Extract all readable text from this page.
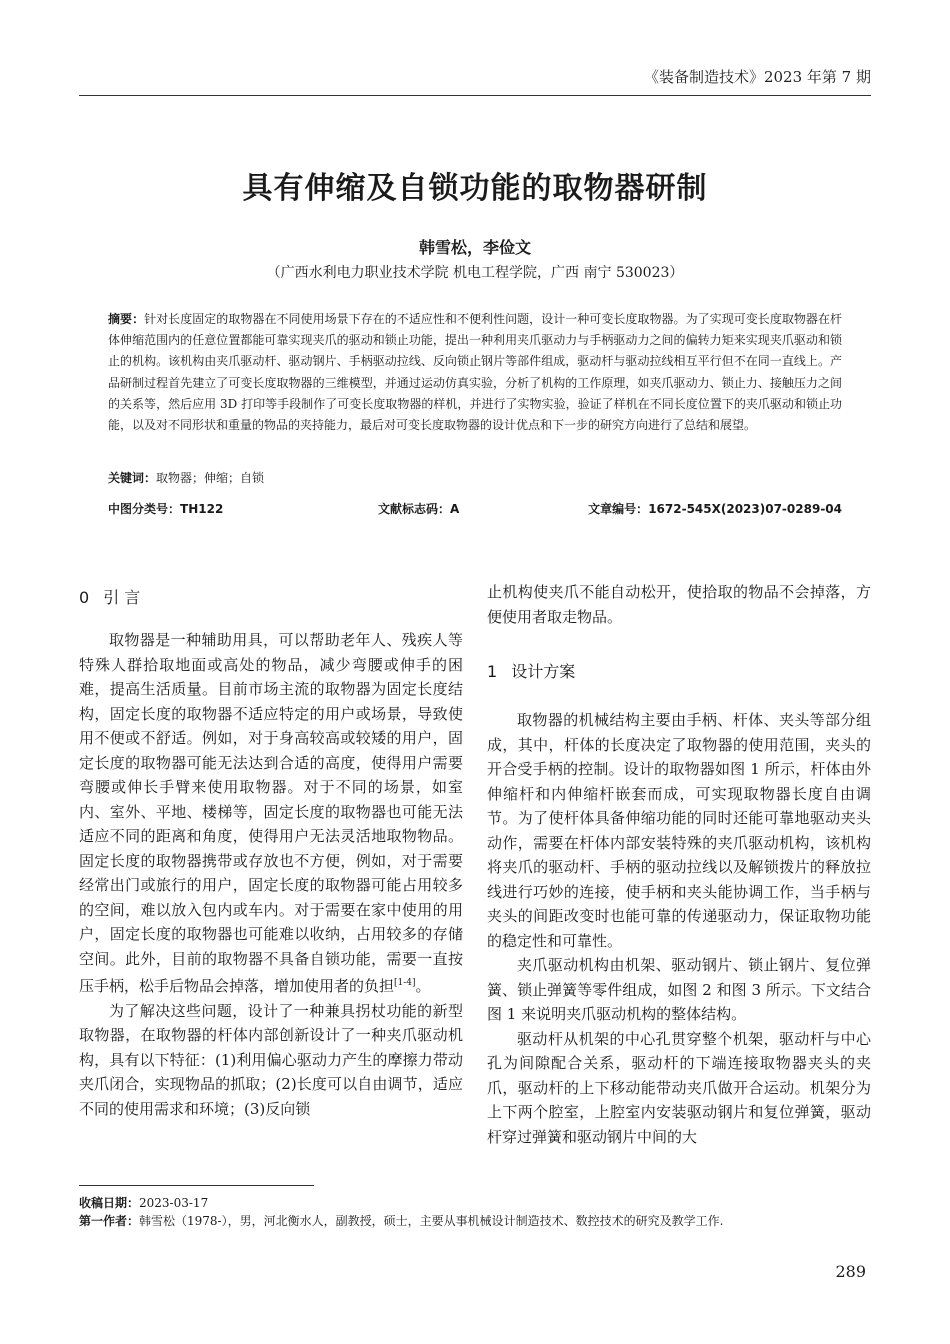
《装备制造技术》2023 年第 7 期
具有伸缩及自锁功能的取物器研制
韩雪松，李俭文
（广西水利电力职业技术学院 机电工程学院，广西 南宁 530023）
摘要：针对长度固定的取物器在不同使用场景下存在的不适应性和不便利性问题，设计一种可变长度取物器。为了实现可变长度取物器在杆体伸缩范围内的任意位置都能可靠实现夹爪的驱动和锁止功能，提出一种利用夹爪驱动力与手柄驱动力之间的偏转力矩来实现夹爪驱动和锁止的机构。该机构由夹爪驱动杆、驱动钢片、手柄驱动拉线、反向锁止钢片等部件组成，驱动杆与驱动拉线相互平行但不在同一直线上。产品研制过程首先建立了可变长度取物器的三维模型，并通过运动仿真实验，分析了机构的工作原理，如夹爪驱动力、锁止力、接触压力之间的关系等，然后应用 3D 打印等手段制作了可变长度取物器的样机，并进行了实物实验，验证了样机在不同长度位置下的夹爪驱动和锁止功能，以及对不同形状和重量的物品的夹持能力，最后对可变长度取物器的设计优点和下一步的研究方向进行了总结和展望。
关键词：取物器；伸缩；自锁
中图分类号：TH122	文献标志码：A	文章编号：1672-545X(2023)07-0289-04
0 引 言

取物器是一种辅助用具，可以帮助老年人、残疾人等特殊人群拾取地面或高处的物品，减少弯腰或伸手的困难，提高生活质量。目前市场主流的取物器为固定长度结构，固定长度的取物器不适应特定的用户或场景，导致使用不便或不舒适。例如，对于身高较高或较矮的用户，固定长度的取物器可能无法达到合适的高度，使得用户需要弯腰或伸长手臂来使用取物器。对于不同的场景，如室内、室外、平地、楼梯等，固定长度的取物器也可能无法适应不同的距离和角度，使得用户无法灵活地取物物品。固定长度的取物器携带或存放也不方便，例如，对于需要经常出门或旅行的用户，固定长度的取物器可能占用较多的空间，难以放入包内或车内。对于需要在家中使用的用户，固定长度的取物器也可能难以收纳，占用较多的存储空间。此外，目前的取物器不具备自锁功能，需要一直按压手柄，松手后物品会掉落，增加使用者的负担[1-4]。

为了解决这些问题，设计了一种兼具拐杖功能的新型取物器，在取物器的杆体内部创新设计了一种夹爪驱动机构，具有以下特征：(1)利用偏心驱动力产生的摩擦力带动夹爪闭合，实现物品的抓取；(2)长度可以自由调节，适应不同的使用需求和环境；(3)反向锁

止机构使夹爪不能自动松开，使拾取的物品不会掉落，方便使用者取走物品。

1 设计方案

取物器的机械结构主要由手柄、杆体、夹头等部分组成，其中，杆体的长度决定了取物器的使用范围，夹头的开合受手柄的控制。设计的取物器如图 1 所示，杆体由外伸缩杆和内伸缩杆嵌套而成，可实现取物器长度自由调节。为了使杆体具备伸缩功能的同时还能可靠地驱动夹头动作，需要在杆体内部安装特殊的夹爪驱动机构，该机构将夹爪的驱动杆、手柄的驱动拉线以及解锁拨片的释放拉线进行巧妙的连接，使手柄和夹头能协调工作，当手柄与夹头的间距改变时也能可靠的传递驱动力，保证取物功能的稳定性和可靠性。

夹爪驱动机构由机架、驱动钢片、锁止钢片、复位弹簧、锁止弹簧等零件组成，如图 2 和图 3 所示。下文结合图 1 来说明夹爪驱动机构的整体结构。

驱动杆从机架的中心孔贯穿整个机架，驱动杆与中心孔为间隙配合关系，驱动杆的下端连接取物器夹头的夹爪，驱动杆的上下移动能带动夹爪做开合运动。机架分为上下两个腔室，上腔室内安装驱动钢片和复位弹簧，驱动杆穿过弹簧和驱动钢片中间的大

收稿日期：2023-03-17
第一作者：韩雪松（1978-），男，河北衡水人，副教授，硕士，主要从事机械设计制造技术、数控技术的研究及教学工作.
289
